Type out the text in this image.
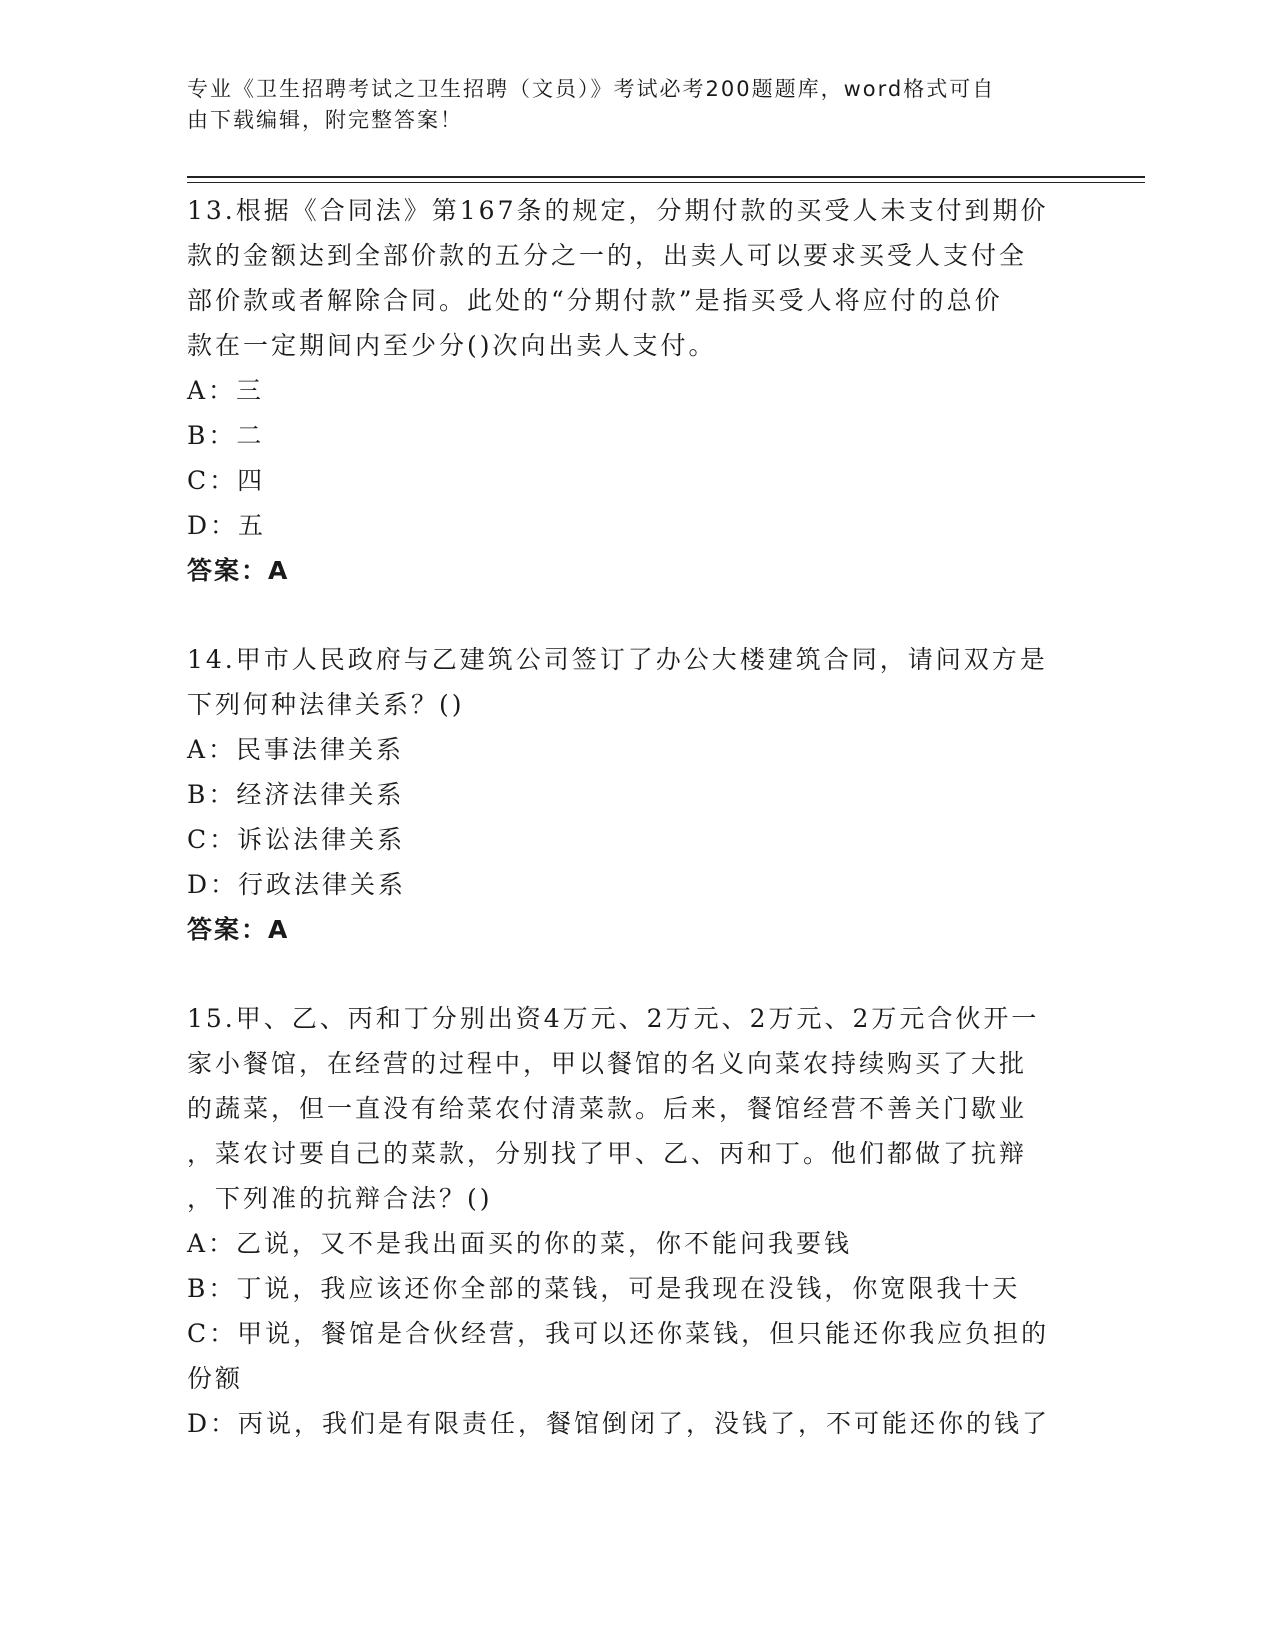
专业《卫生招聘考试之卫生招聘（文员）》考试必考200题题库，word格式可自
由下载编辑，附完整答案！
13.根据《合同法》第167条的规定，分期付款的买受人未支付到期价
款的金额达到全部价款的五分之一的，出卖人可以要求买受人支付全
部价款或者解除合同。此处的“分期付款”是指买受人将应付的总价
款在一定期间内至少分()次向出卖人支付。
A：三
B：二
C：四
D：五
答案：A
14.甲市人民政府与乙建筑公司签订了办公大楼建筑合同，请问双方是
下列何种法律关系？()
A：民事法律关系
B：经济法律关系
C：诉讼法律关系
D：行政法律关系
答案：A
15.甲、乙、丙和丁分别出资4万元、2万元、2万元、2万元合伙开一
家小餐馆，在经营的过程中，甲以餐馆的名义向菜农持续购买了大批
的蔬菜，但一直没有给菜农付清菜款。后来，餐馆经营不善关门歇业
，菜农讨要自己的菜款，分别找了甲、乙、丙和丁。他们都做了抗辩
，下列准的抗辩合法？()
A：乙说，又不是我出面买的你的菜，你不能问我要钱
B：丁说，我应该还你全部的菜钱，可是我现在没钱，你宽限我十天
C：甲说，餐馆是合伙经营，我可以还你菜钱，但只能还你我应负担的
份额
D：丙说，我们是有限责任，餐馆倒闭了，没钱了，不可能还你的钱了
